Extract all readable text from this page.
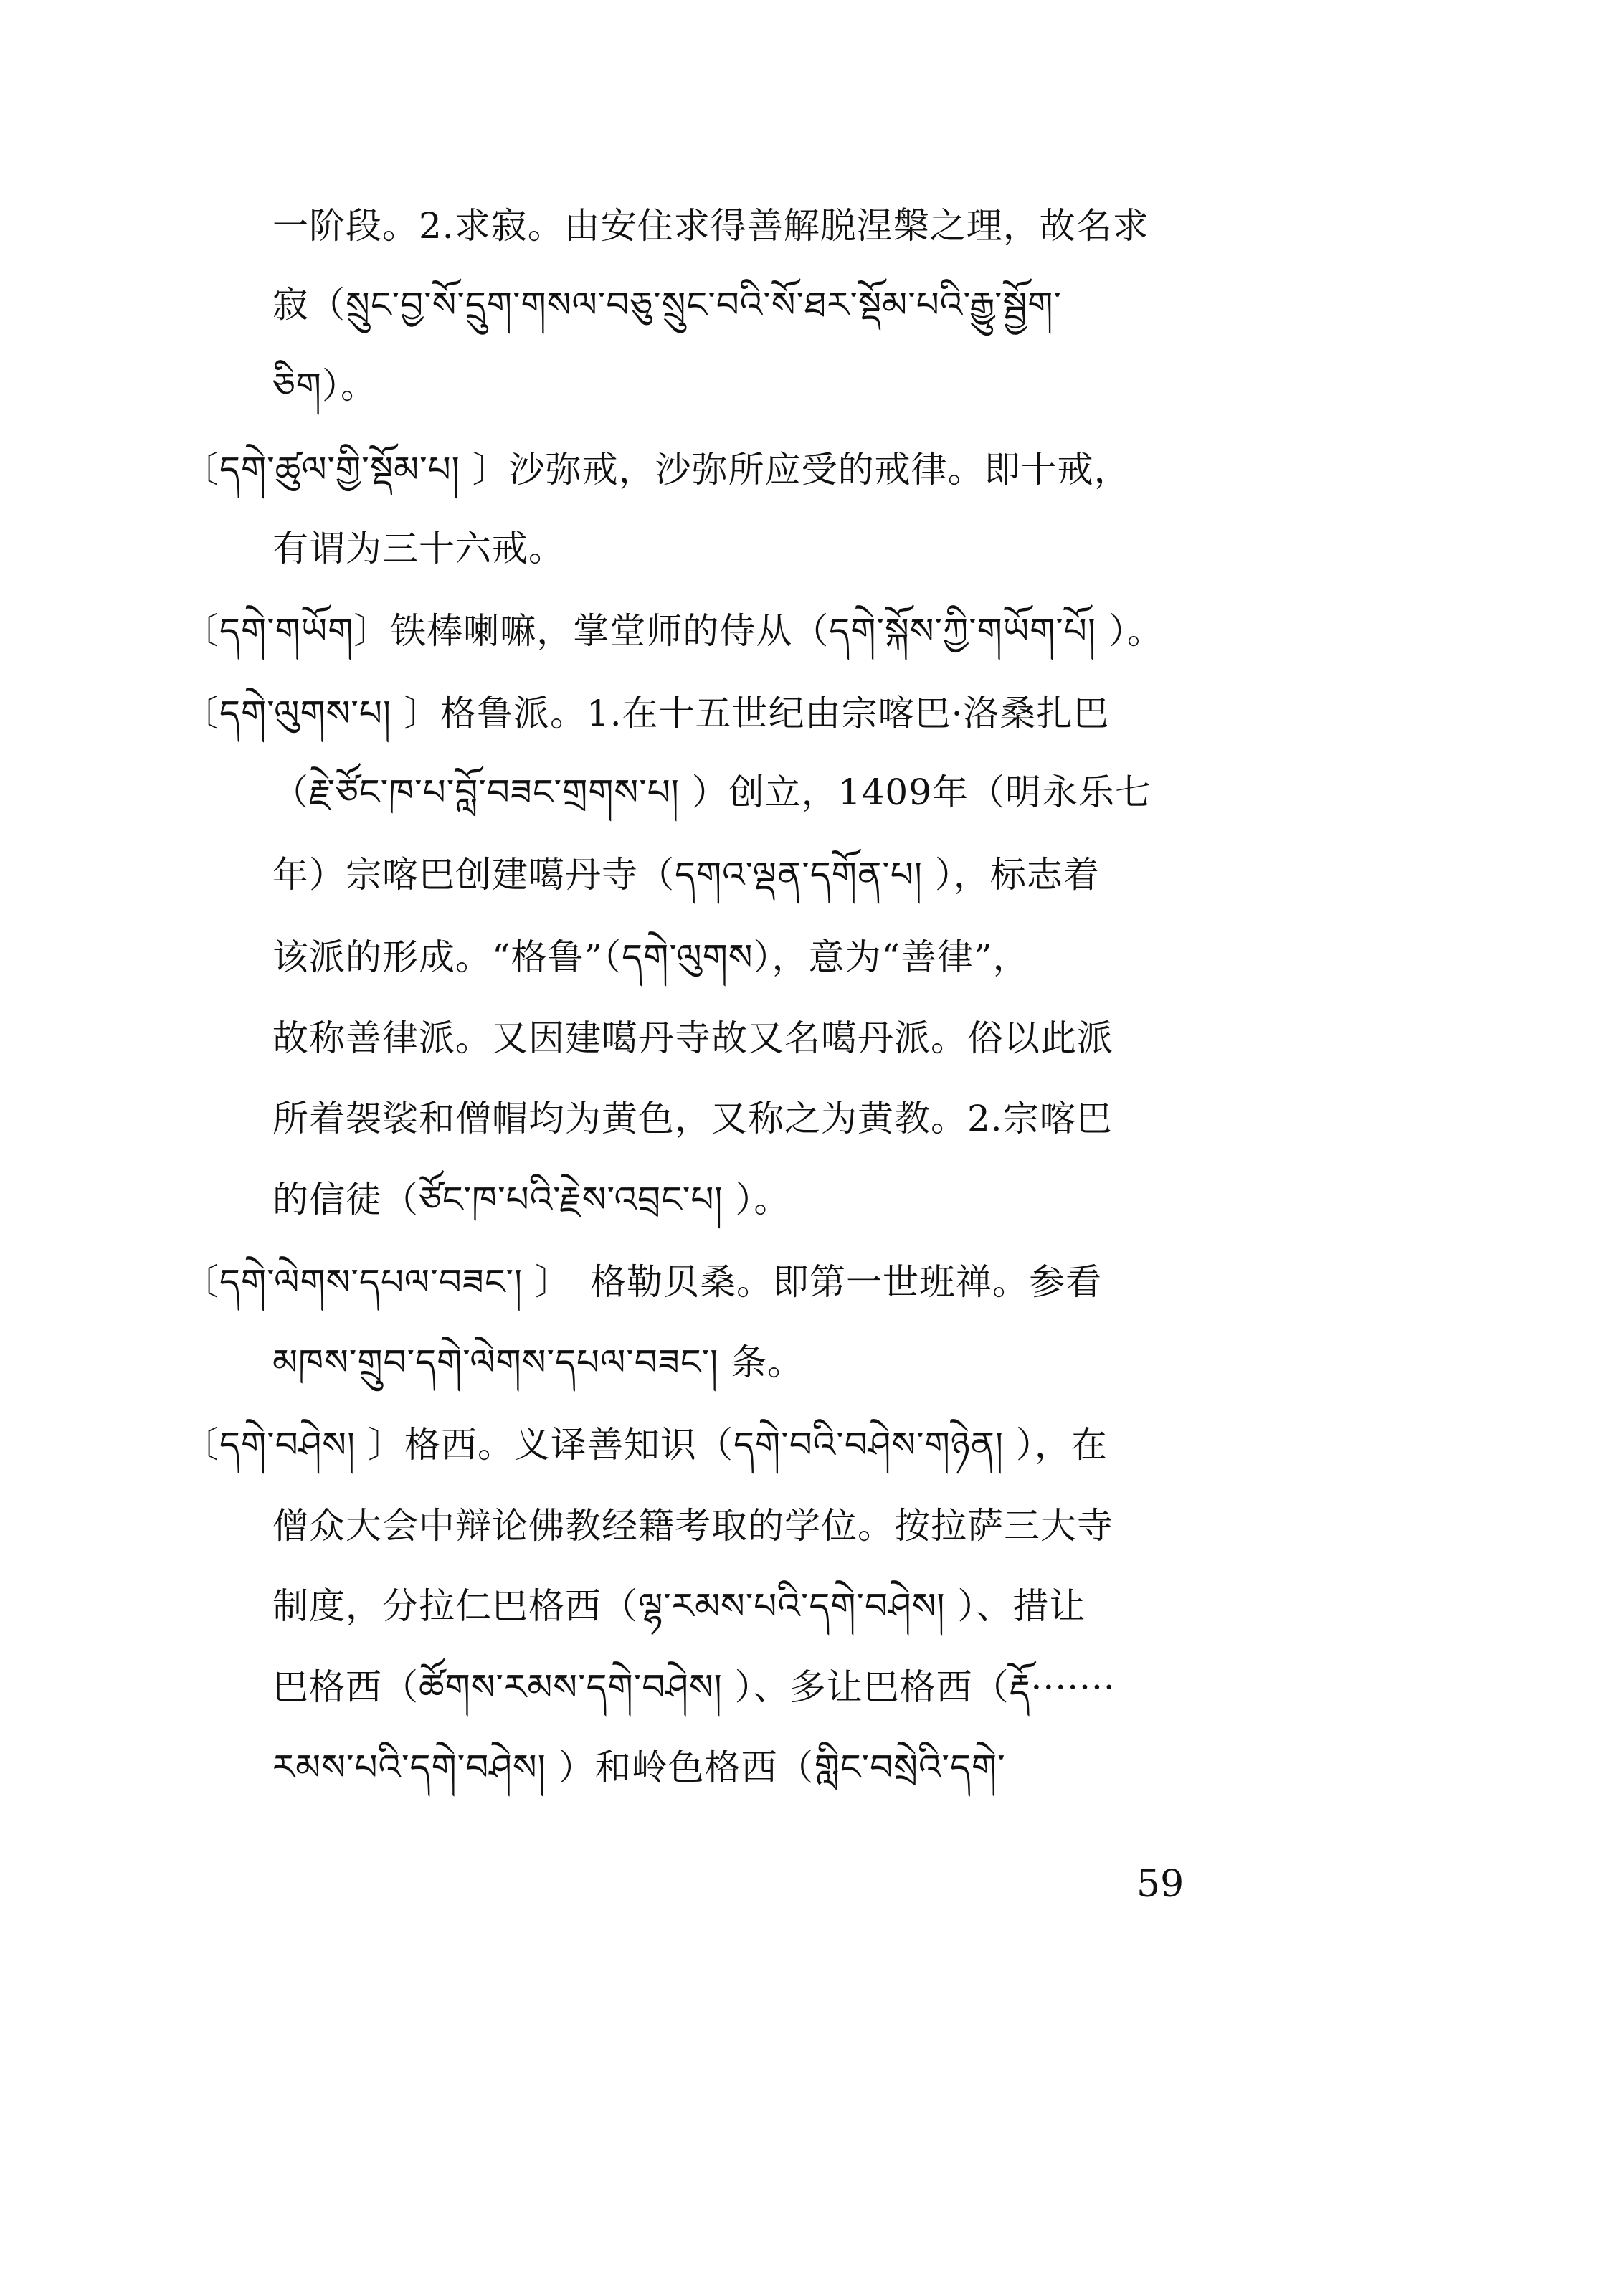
一阶段。2.求寂。由安住求得善解脱涅槃之理，故名求
寂（སྲུང་བྱ་སོ་དྲུག་གསལ་བཅུ་སྲུང་བའི་སོ་ཐར་སྡོམ་པའི་རྒྱུ་སྦྱོག་
ཅིག）。
〔དགེ་ཚུལ་གྱི་སྡོམ་པ། 〕沙弥戒，沙弥所应受的戒律。即十戒，
有谓为三十六戒。
〔དགེ་གཡོག〕铁棒喇嘛，掌堂师的侍从（དགེ་སྐོས་ཀྱི་གཡོག་པོ། ）。
〔དགེ་ལུགས་པ། 〕格鲁派。1.在十五世纪由宗喀巴·洛桑扎巴
（རྗེ་ཙོང་ཁ་པ་བློ་བཟང་གྲགས་པ། ）创立，1409年（明永乐七
年）宗喀巴创建噶丹寺（དགའ་ལྡན་དགོན་པ། ），标志着
该派的形成。“格鲁”（དགེ་ལུགས），意为“善律”，
故称善律派。又因建噶丹寺故又名噶丹派。俗以此派
所着袈裟和僧帽均为黄色，又称之为黄教。2.宗喀巴
的信徒（ཙོང་ཁ་པའི་རྗེས་འབྲང་པ། ）。
〔དགེ་ལེགས་དཔལ་བཟང་། 〕　格勒贝桑。即第一世班禅。参看
མཁས་གྲུབ་དགེ་ལེགས་དཔལ་བཟང་། 条。
〔དགེ་བཤེས། 〕格西。义译善知识（དགེ་བའི་བཤེས་གཉེན། ），在
僧众大会中辩论佛教经籍考取的学位。按拉萨三大寺
制度，分拉仁巴格西（ལྷ་རམས་པའི་དགེ་བཤེས། ）、措让
巴格西（ཚོགས་རམས་དགེ་བཤེས། ）、多让巴格西（རྡོ·······
རམས་པའི་དགེ་བཤེས། ）和岭色格西（གླིང་བསྲེའི་དགེ་
59
